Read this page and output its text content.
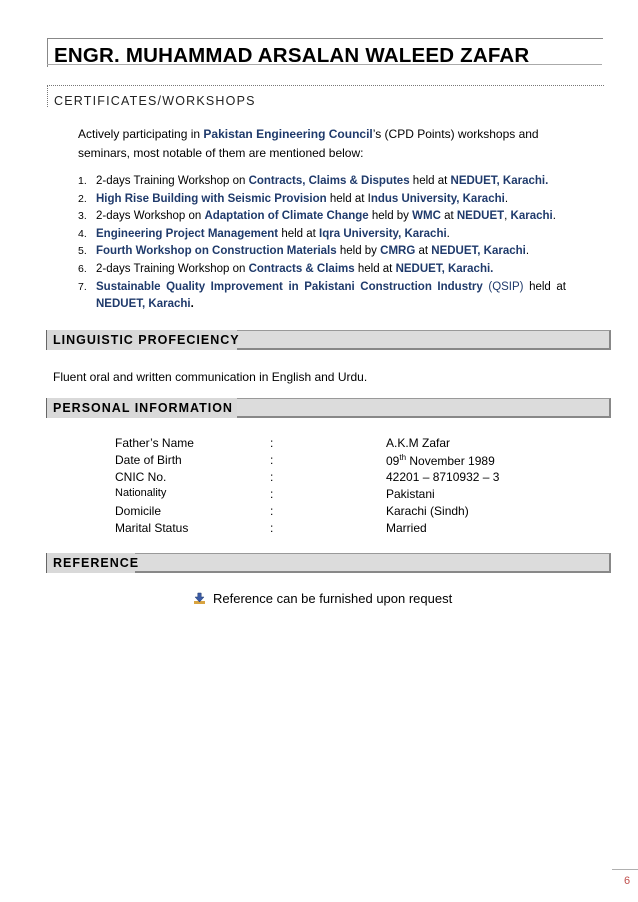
ENGR. MUHAMMAD ARSALAN WALEED ZAFAR
CERTIFICATES/WORKSHOPS
Actively participating in Pakistan Engineering Council’s (CPD Points) workshops and seminars, most notable of them are mentioned below:
1. 2-days Training Workshop on Contracts, Claims & Disputes held at NEDUET, Karachi.
2. High Rise Building with Seismic Provision held at Indus University, Karachi.
3. 2-days Workshop on Adaptation of Climate Change held by WMC at NEDUET, Karachi.
4. Engineering Project Management held at Iqra University, Karachi.
5. Fourth Workshop on Construction Materials held by CMRG at NEDUET, Karachi.
6. 2-days Training Workshop on Contracts & Claims held at NEDUET, Karachi.
7. Sustainable Quality Improvement in Pakistani Construction Industry (QSIP) held at
NEDUET, Karachi.
LINGUISTIC PROFECIENCY
Fluent oral and written communication in English and Urdu.
PERSONAL INFORMATION
Father’s Name	:	A.K.M Zafar
Date of Birth	:	09th November 1989
CNIC No.	:	42201 – 8710932 – 3
Nationality	:	Pakistani
Domicile	:	Karachi (Sindh)
Marital Status	:	Married
REFERENCE
Reference can be furnished upon request
6
